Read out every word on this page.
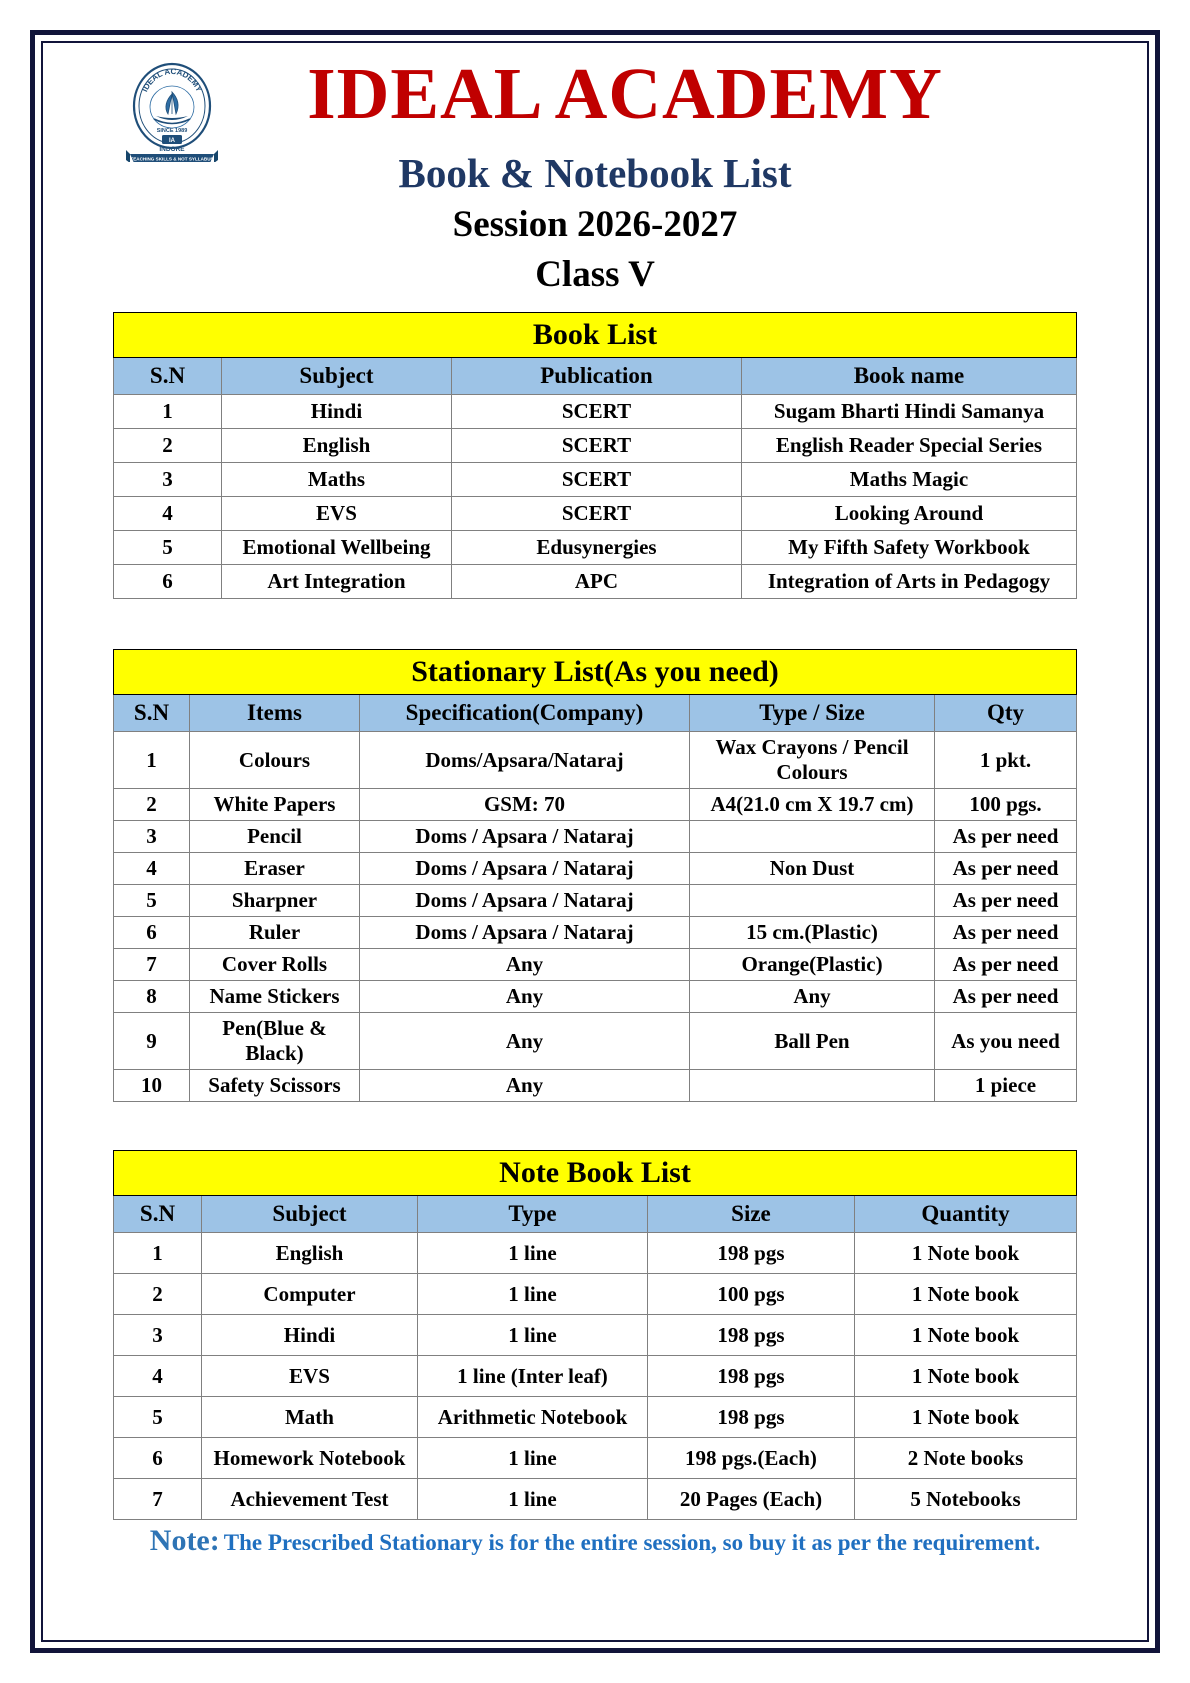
IDEAL ACADEMY
SINCE 1989
IA
INDORE
TEACHING SKILLS & NOT SYLLABUS
IDEAL ACADEMY
Book & Notebook List
Session 2026-2027
Class V
Book List			
S.N	Subject	Publication	Book name
1	Hindi	SCERT	Sugam Bharti Hindi Samanya
2	English	SCERT	English Reader Special Series
3	Maths	SCERT	Maths Magic
4	EVS	SCERT	Looking Around
5	Emotional Wellbeing	Edusynergies	My Fifth Safety Workbook
6	Art Integration	APC	Integration of Arts in Pedagogy
Stationary List(As you need)				
S.N	Items	Specification(Company)	Type / Size	Qty
1	Colours	Doms/Apsara/Nataraj	Wax Crayons / Pencil Colours	1 pkt.
2	White Papers	GSM: 70	A4(21.0 cm X 19.7 cm)	100 pgs.
3	Pencil	Doms / Apsara / Nataraj		As per need
4	Eraser	Doms / Apsara / Nataraj	Non Dust	As per need
5	Sharpner	Doms / Apsara / Nataraj		As per need
6	Ruler	Doms / Apsara / Nataraj	15 cm.(Plastic)	As per need
7	Cover Rolls	Any	Orange(Plastic)	As per need
8	Name Stickers	Any	Any	As per need
9	Pen(Blue & Black)	Any	Ball Pen	As you need
10	Safety Scissors	Any		1 piece
Note Book List				
S.N	Subject	Type	Size	Quantity
1	English	1 line	198 pgs	1 Note book
2	Computer	1 line	100 pgs	1 Note book
3	Hindi	1 line	198 pgs	1 Note book
4	EVS	1 line (Inter leaf)	198 pgs	1 Note book
5	Math	Arithmetic Notebook	198 pgs	1 Note book
6	Homework Notebook	1 line	198 pgs.(Each)	2 Note books
7	Achievement Test	1 line	20 Pages (Each)	5 Notebooks
Note: The Prescribed Stationary is for the entire session, so buy it as per the requirement.
